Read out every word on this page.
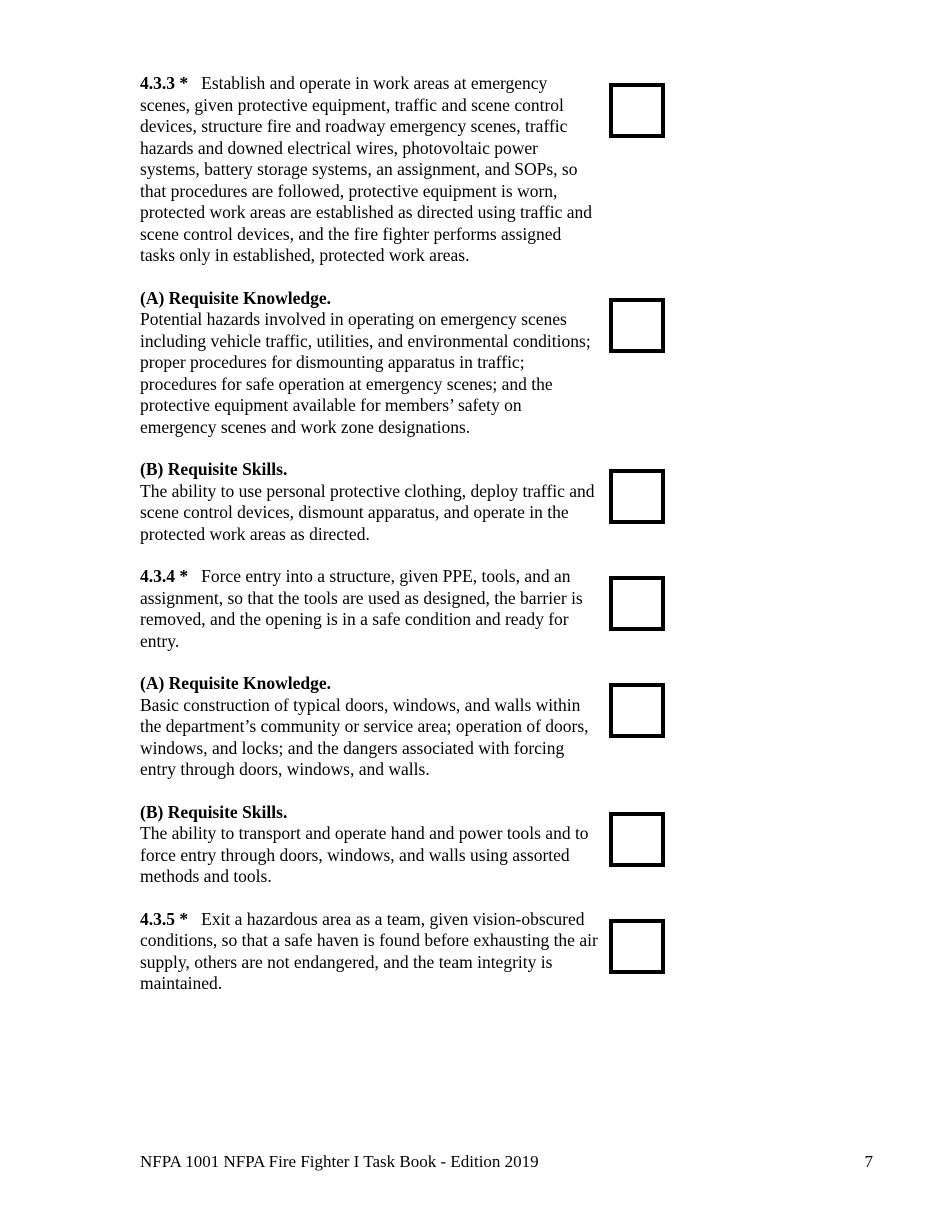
4.3.3 * Establish and operate in work areas at emergency scenes, given protective equipment, traffic and scene control devices, structure fire and roadway emergency scenes, traffic hazards and downed electrical wires, photovoltaic power systems, battery storage systems, an assignment, and SOPs, so that procedures are followed, protective equipment is worn, protected work areas are established as directed using traffic and scene control devices, and the fire fighter performs assigned tasks only in established, protected work areas.

(A) Requisite Knowledge.
Potential hazards involved in operating on emergency scenes including vehicle traffic, utilities, and environmental conditions; proper procedures for dismounting apparatus in traffic; procedures for safe operation at emergency scenes; and the protective equipment available for members’ safety on emergency scenes and work zone designations.

(B) Requisite Skills.
The ability to use personal protective clothing, deploy traffic and scene control devices, dismount apparatus, and operate in the protected work areas as directed.

4.3.4 * Force entry into a structure, given PPE, tools, and an assignment, so that the tools are used as designed, the barrier is removed, and the opening is in a safe condition and ready for entry.

(A) Requisite Knowledge.
Basic construction of typical doors, windows, and walls within the department’s community or service area; operation of doors, windows, and locks; and the dangers associated with forcing entry through doors, windows, and walls.

(B) Requisite Skills.
The ability to transport and operate hand and power tools and to force entry through doors, windows, and walls using assorted methods and tools.

4.3.5 * Exit a hazardous area as a team, given vision-obscured conditions, so that a safe haven is found before exhausting the air supply, others are not endangered, and the team integrity is maintained.

NFPA 1001 NFPA Fire Fighter I Task Book - Edition 2019	7
